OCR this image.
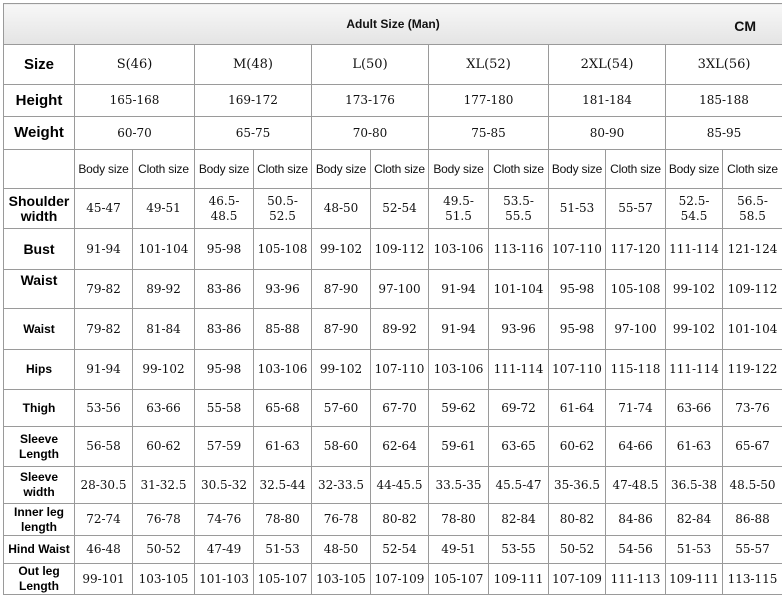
Adult Size (Man) CM												

Size	S(46)		M(48)		L(50)		XL(52)		2XL(54)		3XL(56)	
Height	165-168		169-172		173-176		177-180		181-184		185-188	
Weight	60-70		65-75		70-80		75-85		80-90		85-95	
	Body size	Cloth size	Body size	Cloth size	Body size	Cloth size	Body size	Cloth size	Body size	Cloth size	Body size	Cloth size
Shoulder width	45-47	49-51	46.5-48.5	50.5-52.5	48-50	52-54	49.5-51.5	53.5-55.5	51-53	55-57	52.5-54.5	56.5-58.5
Bust	91-94	101-104	95-98	105-108	99-102	109-112	103-106	113-116	107-110	117-120	111-114	121-124
Waist	79-82	89-92	83-86	93-96	87-90	97-100	91-94	101-104	95-98	105-108	99-102	109-112
Waist	79-82	81-84	83-86	85-88	87-90	89-92	91-94	93-96	95-98	97-100	99-102	101-104
Hips	91-94	99-102	95-98	103-106	99-102	107-110	103-106	111-114	107-110	115-118	111-114	119-122
Thigh	53-56	63-66	55-58	65-68	57-60	67-70	59-62	69-72	61-64	71-74	63-66	73-76
Sleeve Length	56-58	60-62	57-59	61-63	58-60	62-64	59-61	63-65	60-62	64-66	61-63	65-67
Sleeve width	28-30.5	31-32.5	30.5-32	32.5-44	32-33.5	44-45.5	33.5-35	45.5-47	35-36.5	47-48.5	36.5-38	48.5-50
Inner leg length	72-74	76-78	74-76	78-80	76-78	80-82	78-80	82-84	80-82	84-86	82-84	86-88
Hind Waist	46-48	50-52	47-49	51-53	48-50	52-54	49-51	53-55	50-52	54-56	51-53	55-57
Out leg Length	99-101	103-105	101-103	105-107	103-105	107-109	105-107	109-111	107-109	111-113	109-111	113-115
